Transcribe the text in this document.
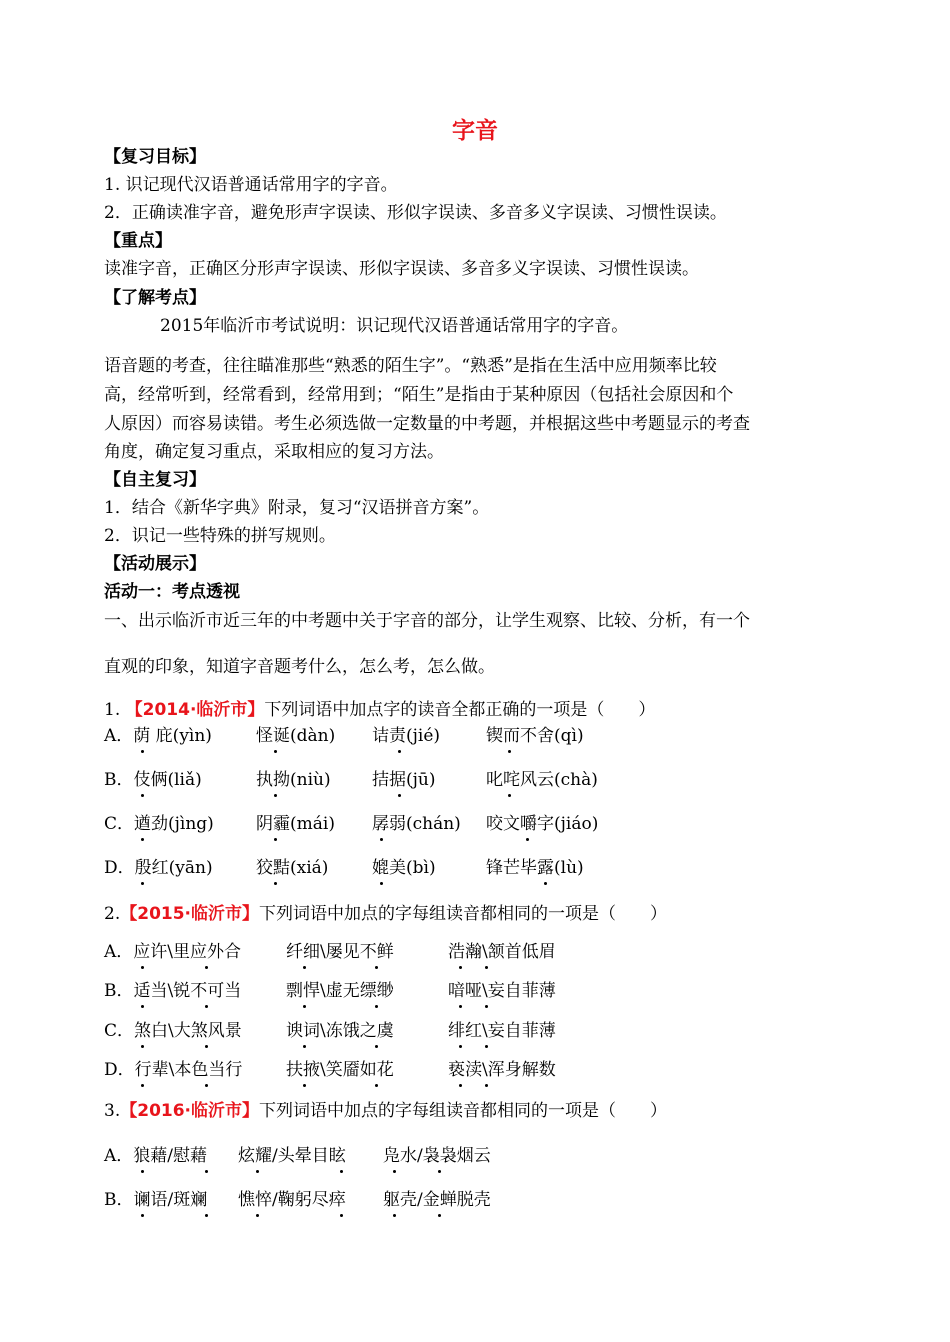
字音
【复习目标】
1. 识记现代汉语普通话常用字的字音。
2．正确读准字音，避免形声字误读、形似字误读、多音多义字误读、习惯性误读。
【重点】
读准字音，正确区分形声字误读、形似字误读、多音多义字误读、习惯性误读。
【了解考点】
2015年临沂市考试说明：识记现代汉语普通话常用字的字音。
语音题的考查，往往瞄准那些“熟悉的陌生字”。“熟悉”是指在生活中应用频率比较
高，经常听到，经常看到，经常用到；“陌生”是指由于某种原因（包括社会原因和个
人原因）而容易读错。考生必须选做一定数量的中考题，并根据这些中考题显示的考查
角度，确定复习重点，采取相应的复习方法。
【自主复习】
1．结合《新华字典》附录，复习“汉语拼音方案”。
2．识记一些特殊的拼写规则。
【活动展示】
活动一：考点透视
一、出示临沂市近三年的中考题中关于字音的部分，让学生观察、比较、分析，有一个
直观的印象，知道字音题考什么，怎么考，怎么做。
1. 【2014·临沂市】下列词语中加点字的读音全都正确的一项是（　　）
A．荫 庇(yìn)	怪诞(dàn) 诘责(jié)	锲而不舍(qì)
B．伎俩(liǎ)	执拗(niù) 拮据(jū)	叱咤风云(chà)
C．遒劲(jìng) 阴霾(mái) 孱弱(chán) 咬文嚼字(jiáo)
D．殷红(yān)	狡黠(xiá)	媲美(bì)	锋芒毕露(lù)
2.【2015·临沂市】下列词语中加点的字每组读音都相同的一项是（　　）
A．应许\里应外合	纤细\屡见不鲜	浩瀚\颔首低眉
B．适当\锐不可当	剽悍\虚无缥缈	喑哑\妄自菲薄
C．煞白\大煞风景	谀词\冻饿之虞	绯红\妄自菲薄
D．行辈\本色当行	扶掖\笑靥如花	亵渎\浑身解数
3.【2016·临沂市】下列词语中加点的字每组读音都相同的一项是（　　）
A．狼藉/慰藉 炫耀/头晕目眩 凫水/袅袅烟云
B．谰语/斑斓 憔悴/鞠躬尽瘁 躯壳/金蝉脱壳
